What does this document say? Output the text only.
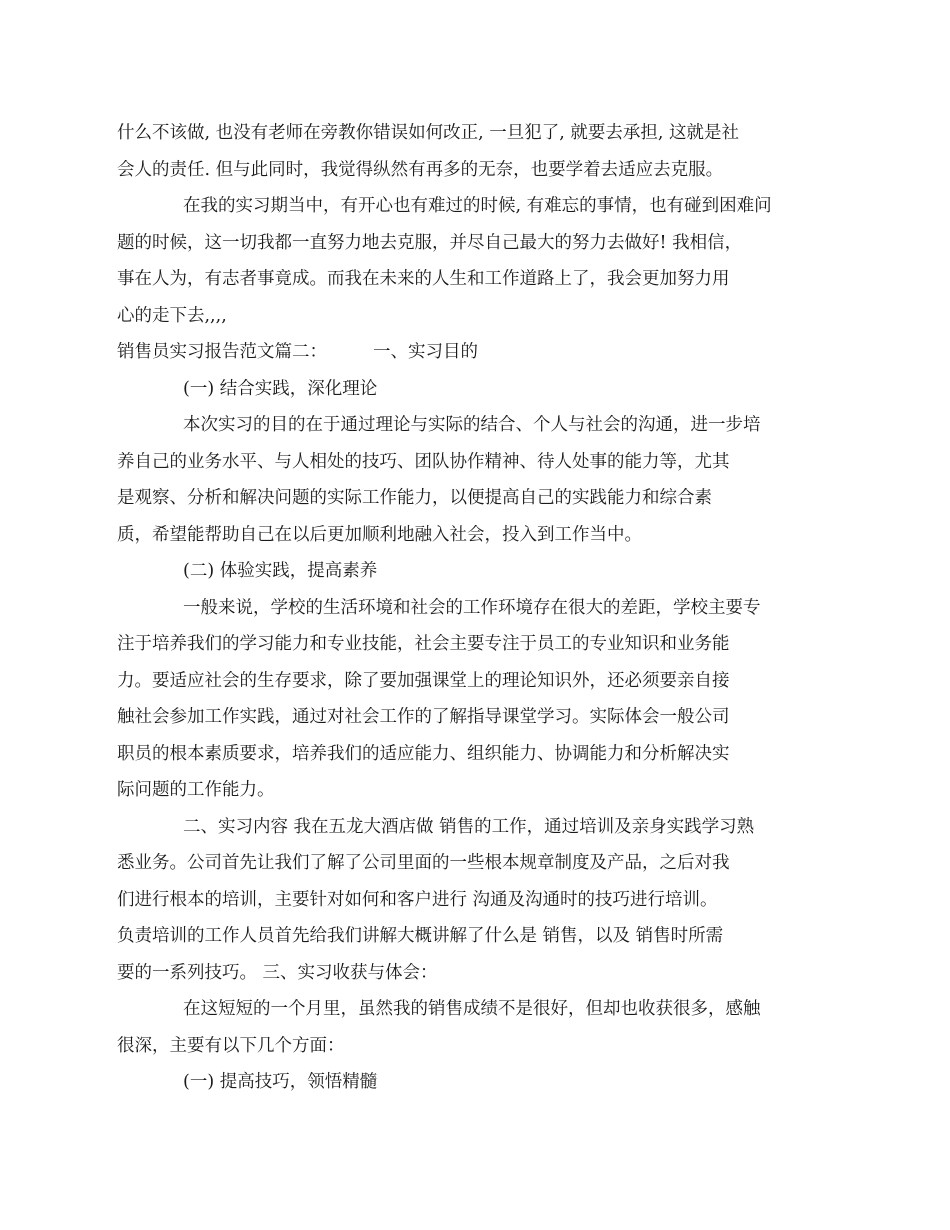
什么不该做, 也没有老师在旁教你错误如何改正, 一旦犯了, 就要去承担, 这就是社
会人的责任. 但与此同时，我觉得纵然有再多的无奈，也要学着去适应去克服。
在我的实习期当中，有开心也有难过的时候, 有难忘的事情，也有碰到困难问
题的时候，这一切我都一直努力地去克服，并尽自己最大的努力去做好! 我相信，
事在人为，有志者事竟成。而我在未来的人生和工作道路上了，我会更加努力用
心的走下去,,,,
销售员实习报告范文篇二：	一、实习目的
(一) 结合实践，深化理论
本次实习的目的在于通过理论与实际的结合、个人与社会的沟通，进一步培
养自己的业务水平、与人相处的技巧、团队协作精神、待人处事的能力等，尤其
是观察、分析和解决问题的实际工作能力，以便提高自己的实践能力和综合素
质，希望能帮助自己在以后更加顺利地融入社会，投入到工作当中。
(二) 体验实践，提高素养
一般来说，学校的生活环境和社会的工作环境存在很大的差距，学校主要专
注于培养我们的学习能力和专业技能，社会主要专注于员工的专业知识和业务能
力。要适应社会的生存要求，除了要加强课堂上的理论知识外，还必须要亲自接
触社会参加工作实践，通过对社会工作的了解指导课堂学习。实际体会一般公司
职员的根本素质要求，培养我们的适应能力、组织能力、协调能力和分析解决实
际问题的工作能力。
二、实习内容 我在五龙大酒店做 销售的工作，通过培训及亲身实践学习熟
悉业务。公司首先让我们了解了公司里面的一些根本规章制度及产品，之后对我
们进行根本的培训，主要针对如何和客户进行 沟通及沟通时的技巧进行培训。
负责培训的工作人员首先给我们讲解大概讲解了什么是 销售，以及 销售时所需
要的一系列技巧。 三、实习收获与体会：
在这短短的一个月里，虽然我的销售成绩不是很好，但却也收获很多，感触
很深，主要有以下几个方面：
(一) 提高技巧，领悟精髓
